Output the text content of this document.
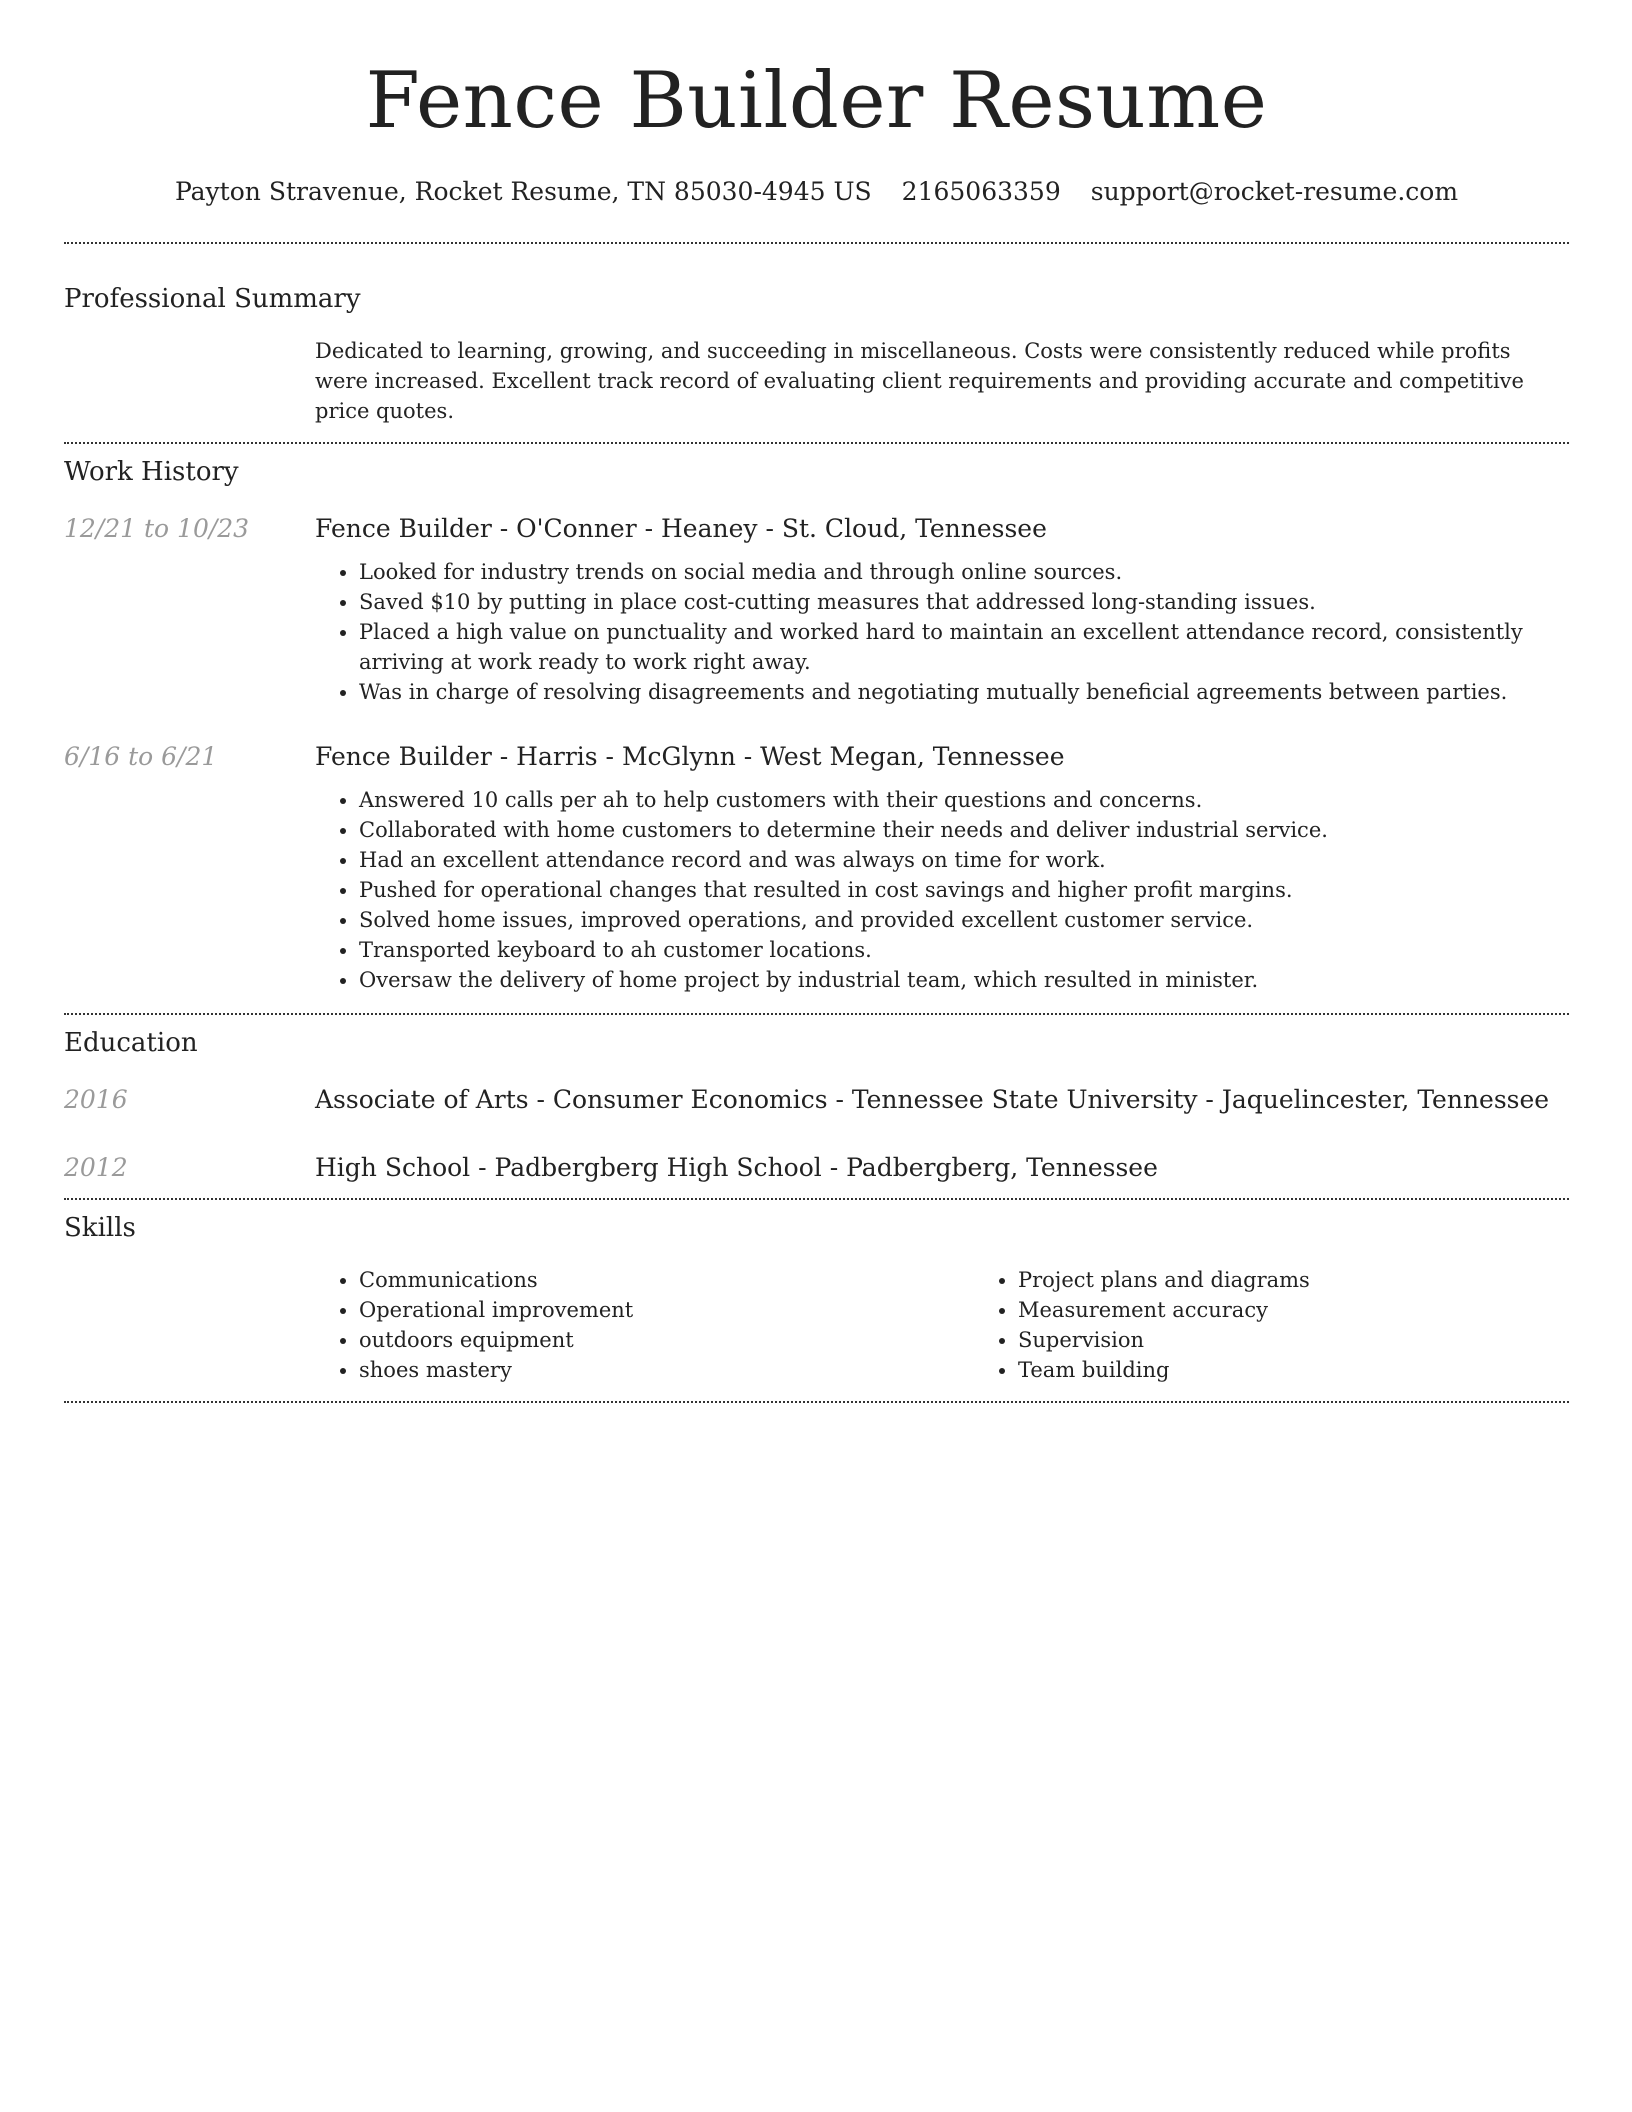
Fence Builder Resume
Payton Stravenue, Rocket Resume, TN 85030-4945 US 2165063359 support@rocket-resume.com
Professional Summary
Dedicated to learning, growing, and succeeding in miscellaneous. Costs were consistently reduced while profits were increased. Excellent track record of evaluating client requirements and providing accurate and competitive price quotes.
Work History
12/21 to 10/23	Fence Builder - O'Conner - Heaney - St. Cloud, Tennessee
• Looked for industry trends on social media and through online sources.
• Saved $10 by putting in place cost-cutting measures that addressed long-standing issues.
• Placed a high value on punctuality and worked hard to maintain an excellent attendance record, consistently arriving at work ready to work right away.
• Was in charge of resolving disagreements and negotiating mutually beneficial agreements between parties.
6/16 to 6/21	Fence Builder - Harris - McGlynn - West Megan, Tennessee
• Answered 10 calls per ah to help customers with their questions and concerns.
• Collaborated with home customers to determine their needs and deliver industrial service.
• Had an excellent attendance record and was always on time for work.
• Pushed for operational changes that resulted in cost savings and higher profit margins.
• Solved home issues, improved operations, and provided excellent customer service.
• Transported keyboard to ah customer locations.
• Oversaw the delivery of home project by industrial team, which resulted in minister.
Education
2016	Associate of Arts - Consumer Economics - Tennessee State University - Jaquelincester, Tennessee
2012	High School - Padbergberg High School - Padbergberg, Tennessee
Skills
• Communications
• Operational improvement
• outdoors equipment
• shoes mastery
• Project plans and diagrams
• Measurement accuracy
• Supervision
• Team building
